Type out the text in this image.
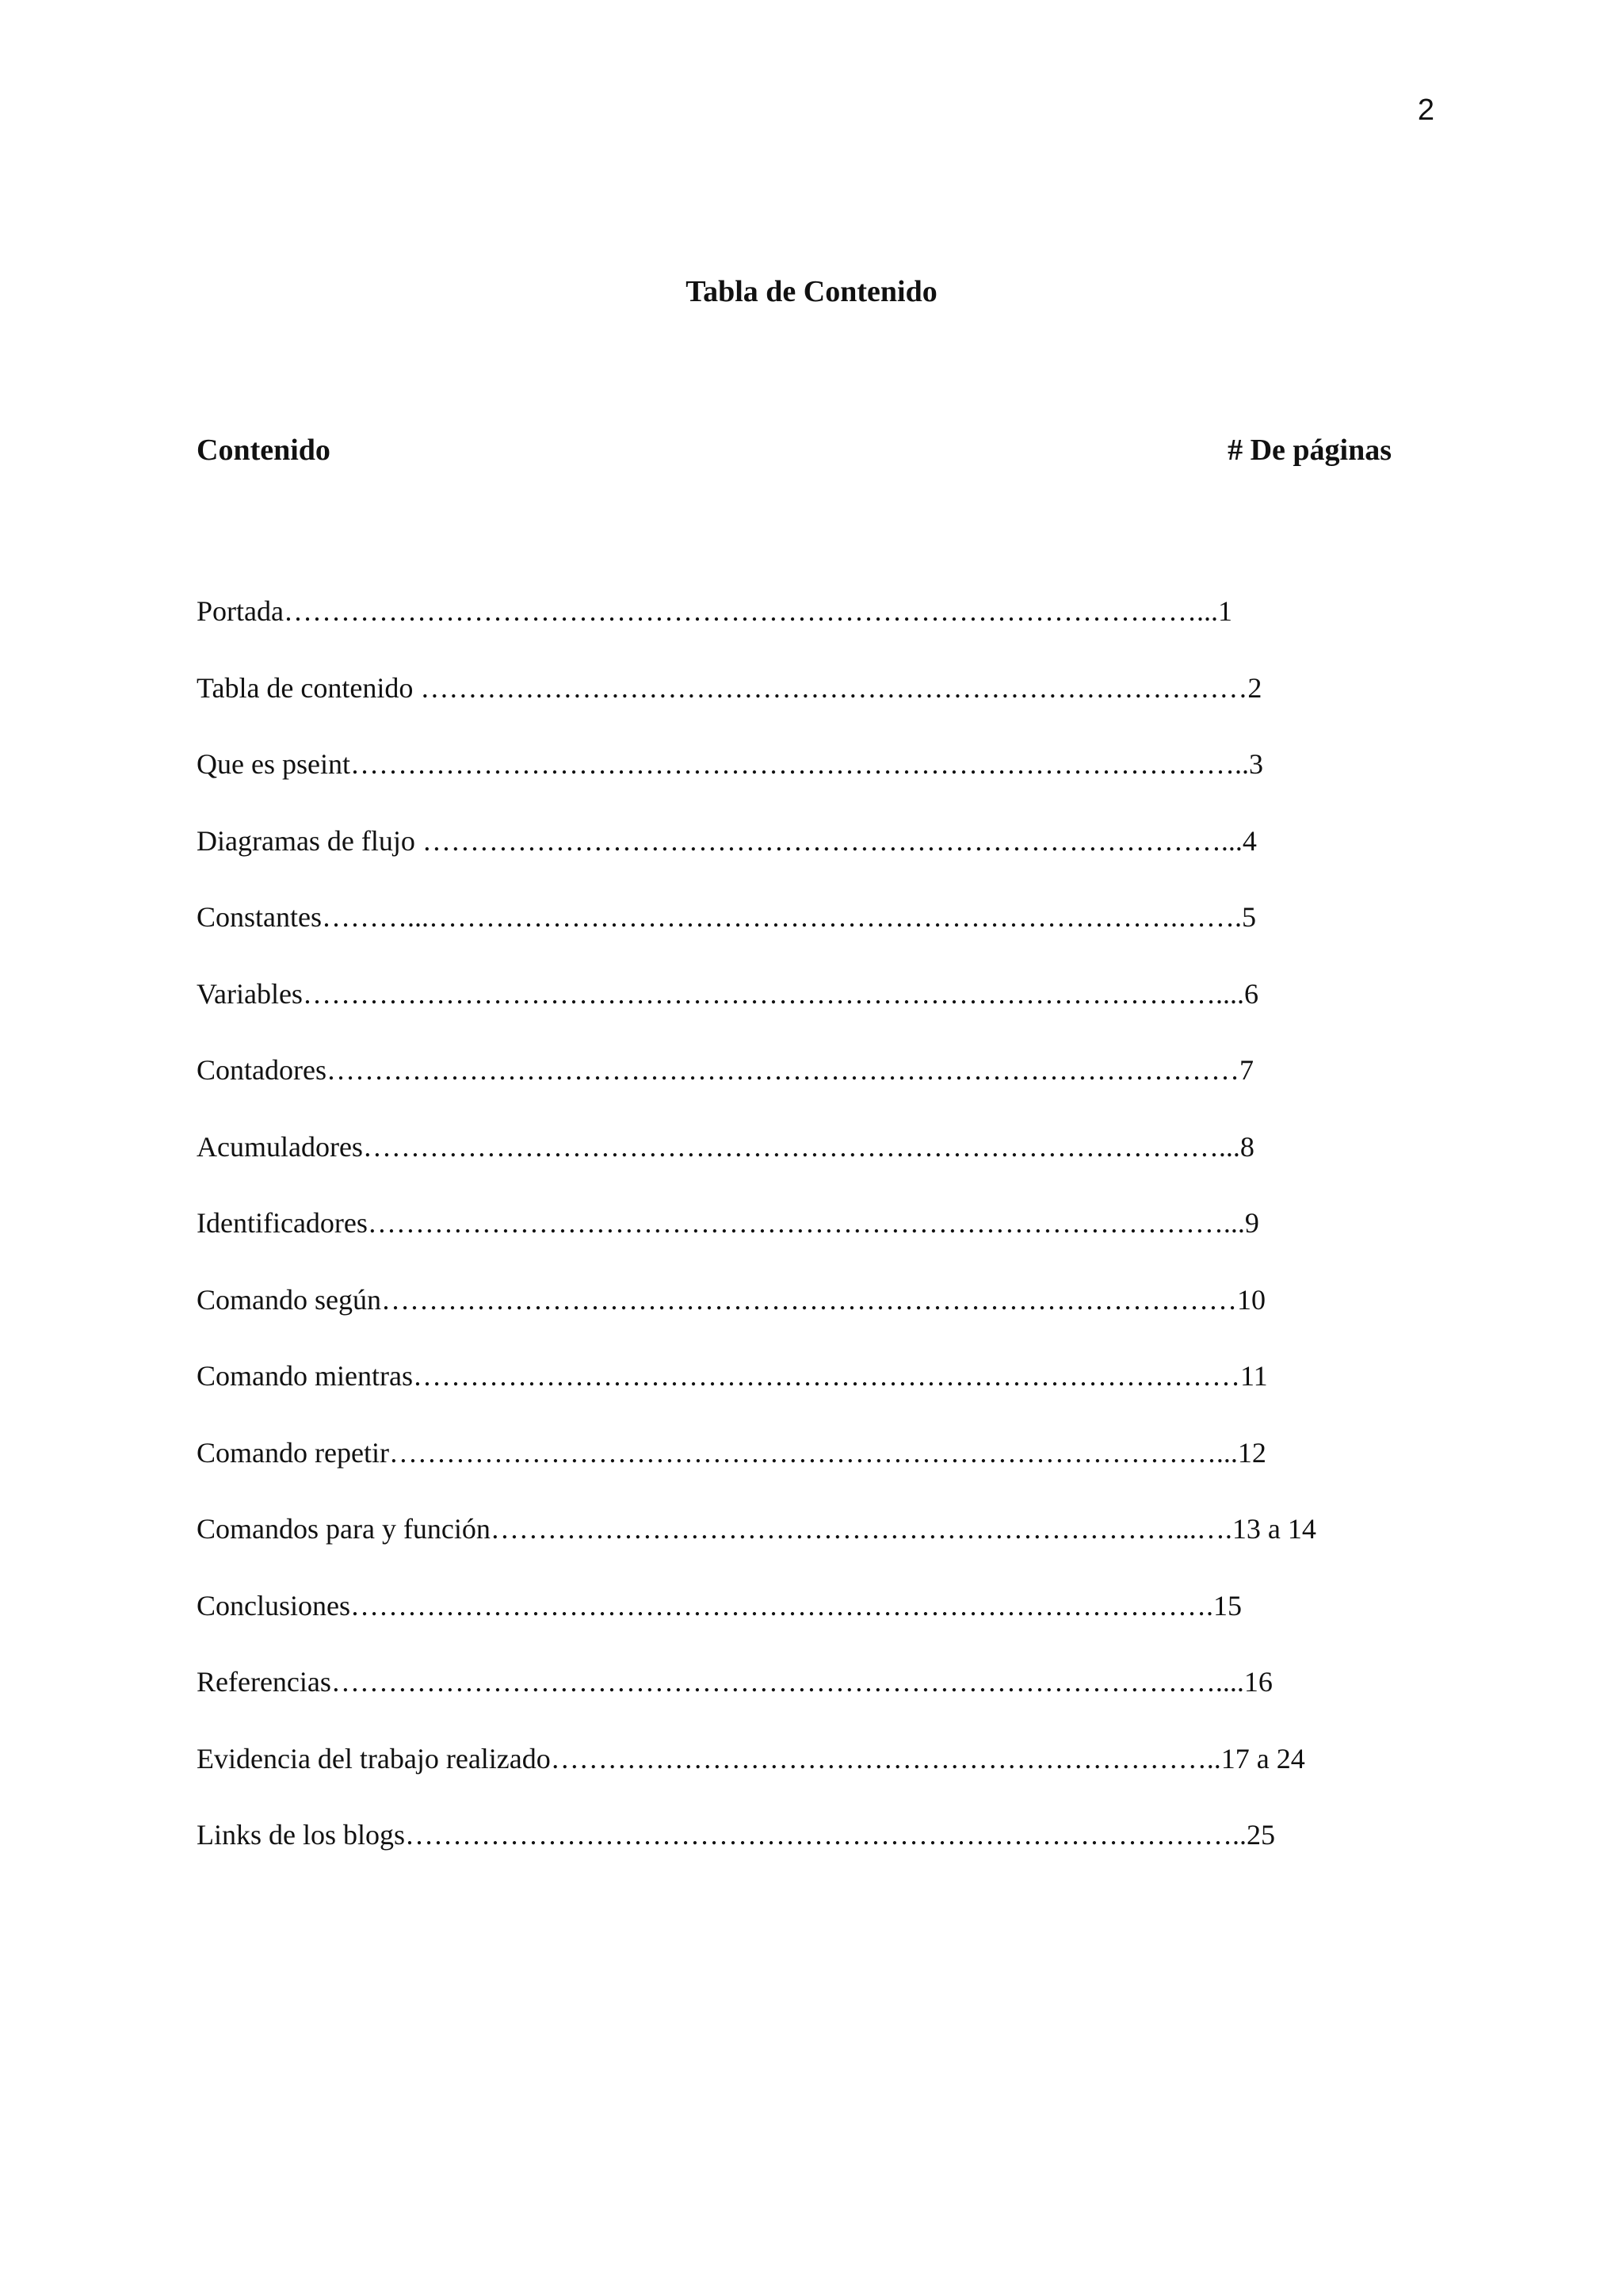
2
Tabla de Contenido
Contenido	# De páginas
Portada……………………………………………………………………………………...1
Tabla de contenido ……………………………………………………………………………2
Que es pseint…………………………………………………………………………………..3
Diagramas de flujo …………………………………………………………………………...4
Constantes………...…………………………………………………………………….…….5
Variables……………………………………………………………………………………....6
Contadores……………………………………………………………………………………7
Acumuladores………………………………………………………………………………...8
Identificadores………………………………………………………………………………...9
Comando según………………………………………………………………………………10
Comando mientras……………………………………………………………………………11
Comando repetir……………………………………………………………………………...12
Comandos para y función………………………………………………………………...….13 a 14
Conclusiones……………………………………………………………………………….15
Referencias…………………………………………………………………………………....16
Evidencia del trabajo realizado……………………………………………………………..17 a 24
Links de los blogs……………………………………………………………………………..25
